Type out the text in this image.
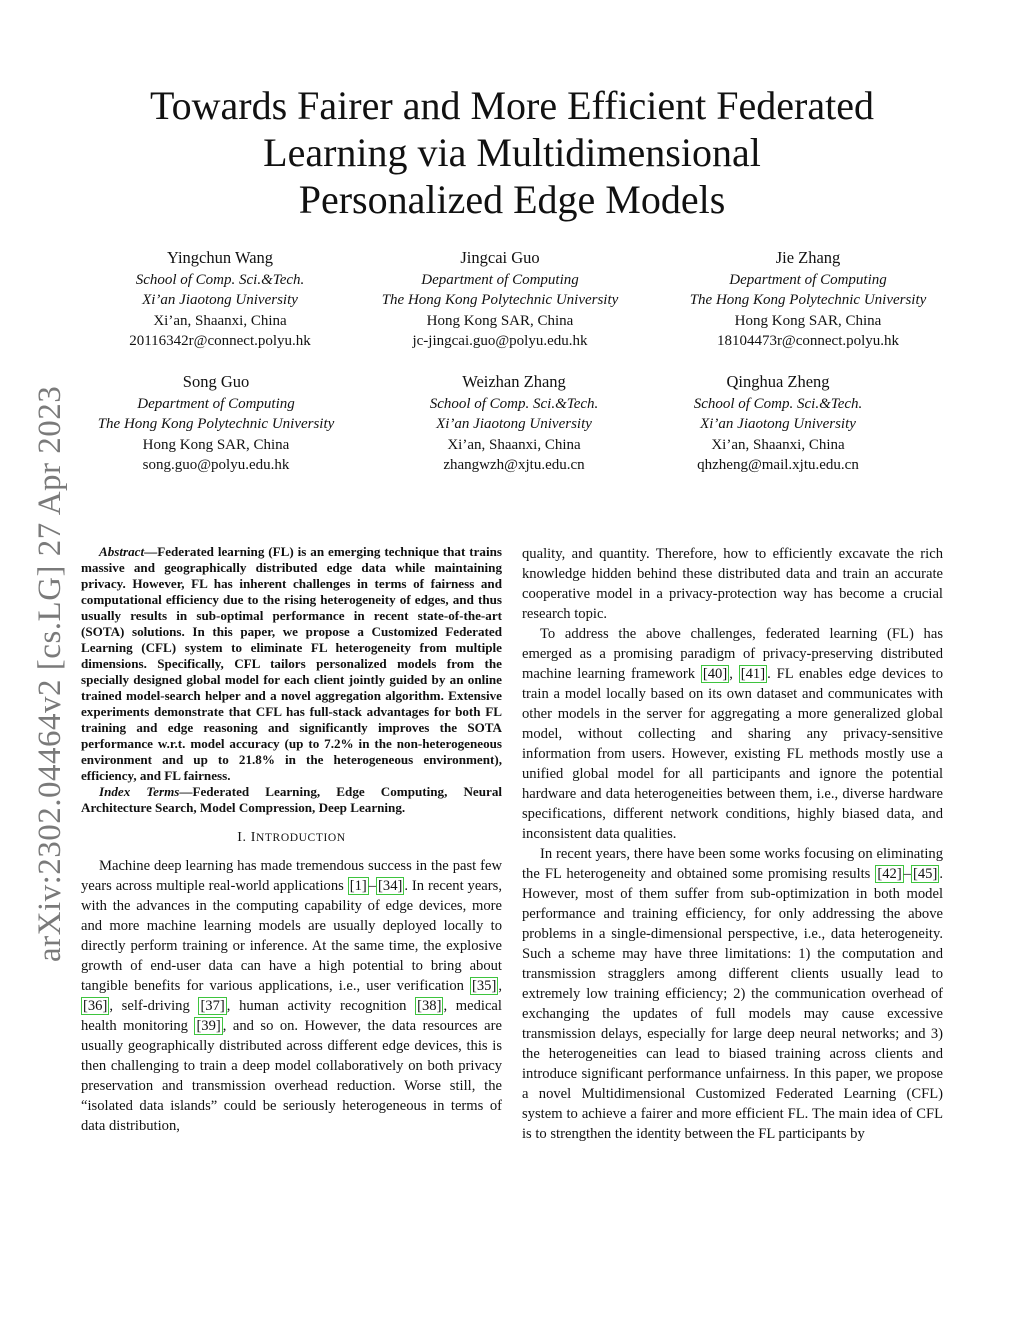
arXiv:2302.04464v2 [cs.LG] 27 Apr 2023
Towards Fairer and More Efficient Federated
Learning via Multidimensional
Personalized Edge Models
Yingchun Wang
School of Comp. Sci.&Tech.
Xi’an Jiaotong University
Xi’an, Shaanxi, China
20116342r@connect.polyu.hk
Jingcai Guo
Department of Computing
The Hong Kong Polytechnic University
Hong Kong SAR, China
jc-jingcai.guo@polyu.edu.hk
Jie Zhang
Department of Computing
The Hong Kong Polytechnic University
Hong Kong SAR, China
18104473r@connect.polyu.hk
Song Guo
Department of Computing
The Hong Kong Polytechnic University
Hong Kong SAR, China
song.guo@polyu.edu.hk
Weizhan Zhang
School of Comp. Sci.&Tech.
Xi’an Jiaotong University
Xi’an, Shaanxi, China
zhangwzh@xjtu.edu.cn
Qinghua Zheng
School of Comp. Sci.&Tech.
Xi’an Jiaotong University
Xi’an, Shaanxi, China
qhzheng@mail.xjtu.edu.cn

Abstract—Federated learning (FL) is an emerging technique that trains massive and geographically distributed edge data while maintaining privacy. However, FL has inherent challenges in terms of fairness and computational efficiency due to the rising heterogeneity of edges, and thus usually results in sub-optimal performance in recent state-of-the-art (SOTA) solutions. In this paper, we propose a Customized Federated Learning (CFL) system to eliminate FL heterogeneity from multiple dimensions. Specifically, CFL tailors personalized models from the specially designed global model for each client jointly guided by an online trained model-search helper and a novel aggregation algorithm. Extensive experiments demonstrate that CFL has full-stack advantages for both FL training and edge reasoning and significantly improves the SOTA performance w.r.t. model accuracy (up to 7.2% in the non-heterogeneous environment and up to 21.8% in the heterogeneous environment), efficiency, and FL fairness.

Index Terms—Federated Learning, Edge Computing, Neural Architecture Search, Model Compression, Deep Learning.

I. INTRODUCTION

Machine deep learning has made tremendous success in the past few years across multiple real-world applications [1] – [34] . In recent years, with the advances in the computing capability of edge devices, more and more machine learning models are usually deployed locally to directly perform training or inference. At the same time, the explosive growth of end-user data can have a high potential to bring about tangible benefits for various applications, i.e., user verification [35] , [36] , self-driving [37] , human activity recognition [38] , medical health monitoring [39] , and so on. However, the data resources are usually geographically distributed across different edge devices, this is then challenging to train a deep model collaboratively on both privacy preservation and transmission overhead reduction. Worse still, the “isolated data islands” could be seriously heterogeneous in terms of data distribution,

quality, and quantity. Therefore, how to efficiently excavate the rich knowledge hidden behind these distributed data and train an accurate cooperative model in a privacy-protection way has become a crucial research topic.

To address the above challenges, federated learning (FL) has emerged as a promising paradigm of privacy-preserving distributed machine learning framework [40] , [41] . FL enables edge devices to train a model locally based on its own dataset and communicates with other models in the server for aggregating a more generalized global model, without collecting and sharing any privacy-sensitive information from users. However, existing FL methods mostly use a unified global model for all participants and ignore the potential hardware and data heterogeneities between them, i.e., diverse hardware specifications, different network conditions, highly biased data, and inconsistent data qualities.

In recent years, there have been some works focusing on eliminating the FL heterogeneity and obtained some promising results [42] – [45] . However, most of them suffer from sub-optimization in both model performance and training efficiency, for only addressing the above problems in a single-dimensional perspective, i.e., data heterogeneity. Such a scheme may have three limitations: 1) the computation and transmission stragglers among different clients usually lead to extremely low training efficiency; 2) the communication overhead of exchanging the updates of full models may cause excessive transmission delays, especially for large deep neural networks; and 3) the heterogeneities can lead to biased training across clients and introduce significant performance unfairness. In this paper, we propose a novel Multidimensional Customized Federated Learning (CFL) system to achieve a fairer and more efficient FL. The main idea of CFL is to strengthen the identity between the FL participants by
